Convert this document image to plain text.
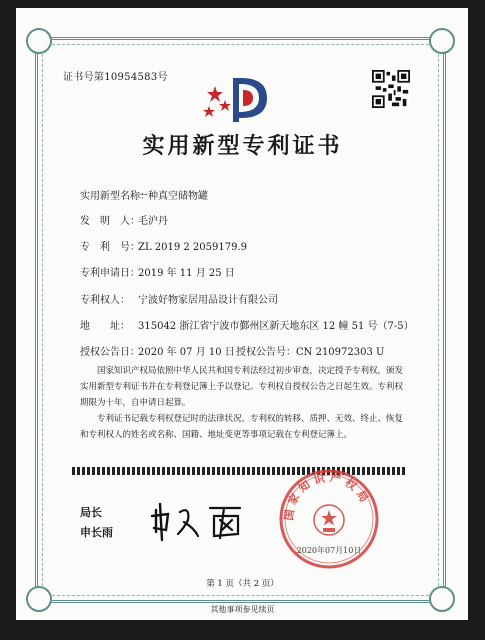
证书号第10954583号
实用新型专利证书
实用新型名称：一种真空储物罐
发　明　人：毛沪丹
专　利　号：ZL 2019 2 2059179.9
专利申请日：2019 年 11 月 25 日
专利权人： 宁波好物家居用品设计有限公司
地　　址： 315042 浙江省宁波市鄞州区新天地东区 12 幢 51 号（7-5）
授权公告日：2020 年 07 月 10 日 授权公告号：CN 210972303 U
国家知识产权局依照中华人民共和国专利法经过初步审查，决定授予专利权，颁发实用新型专利证书并在专利登记簿上予以登记。专利权自授权公告之日起生效。专利权期限为十年，自申请日起算。
专利证书记载专利权登记时的法律状况。专利权的转移、质押、无效、终止、恢复和专利权人的姓名或名称、国籍、地址变更等事项记载在专利登记簿上。
局长
申长雨
国家知识产权局
2020年07月10日
第 1 页（共 2 页）
其他事项参见续页
